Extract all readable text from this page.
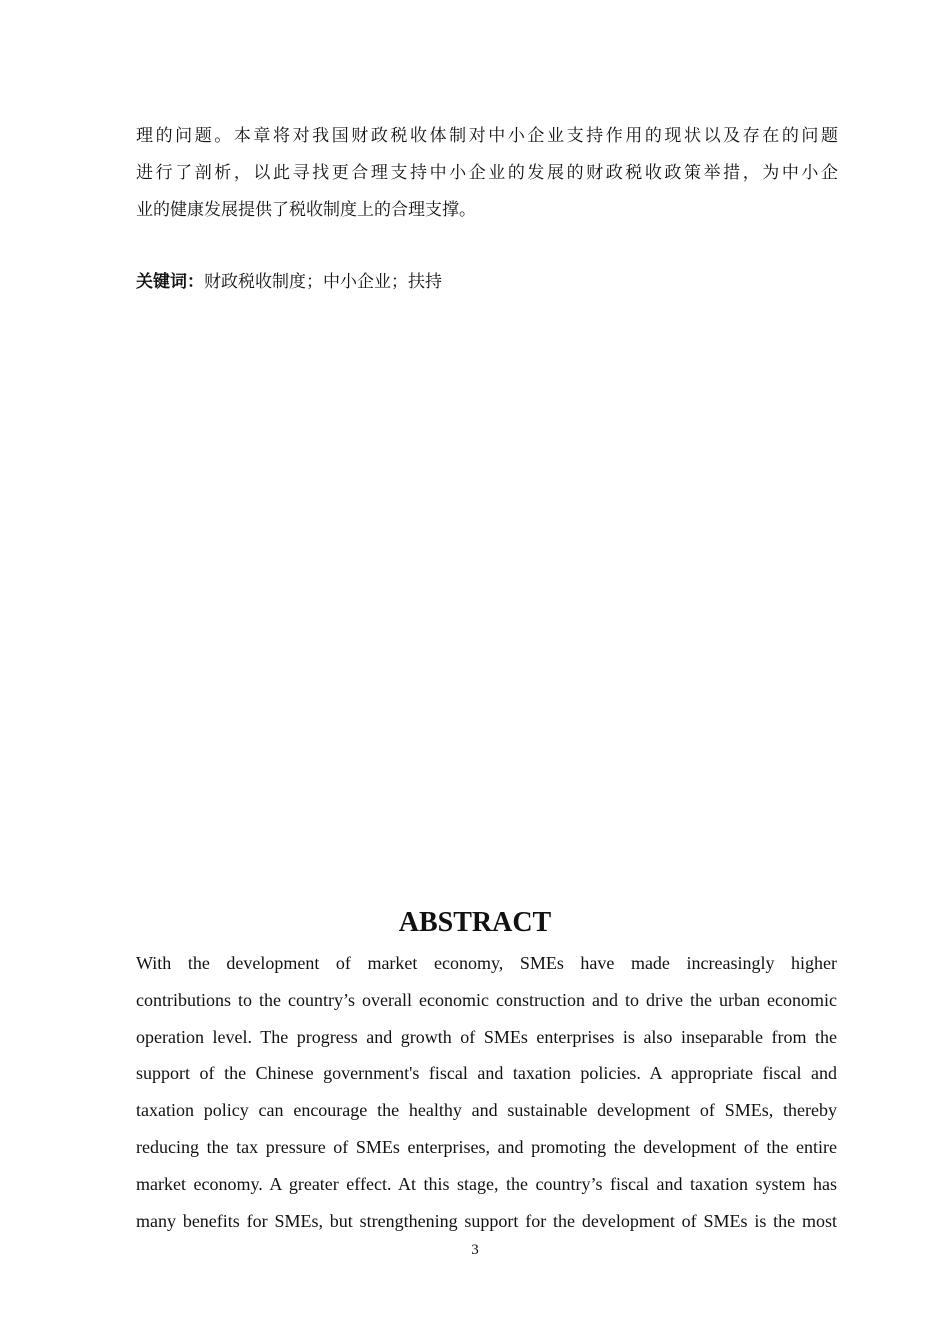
理的问题。本章将对我国财政税收体制对中小企业支持作用的现状以及存在的问题
进行了剖析，以此寻找更合理支持中小企业的发展的财政税收政策举措，为中小企
业的健康发展提供了税收制度上的合理支撑。
关键词：财政税收制度；中小企业；扶持
ABSTRACT
With the development of market economy, SMEs have made increasingly higher
contributions to the country’s overall economic construction and to drive the urban economic
operation level. The progress and growth of SMEs enterprises is also inseparable from the
support of the Chinese government's fiscal and taxation policies. A appropriate fiscal and
taxation policy can encourage the healthy and sustainable development of SMEs, thereby
reducing the tax pressure of SMEs enterprises, and promoting the development of the entire
market economy. A greater effect. At this stage, the country’s fiscal and taxation system has
many benefits for SMEs, but strengthening support for the development of SMEs is the most
3
